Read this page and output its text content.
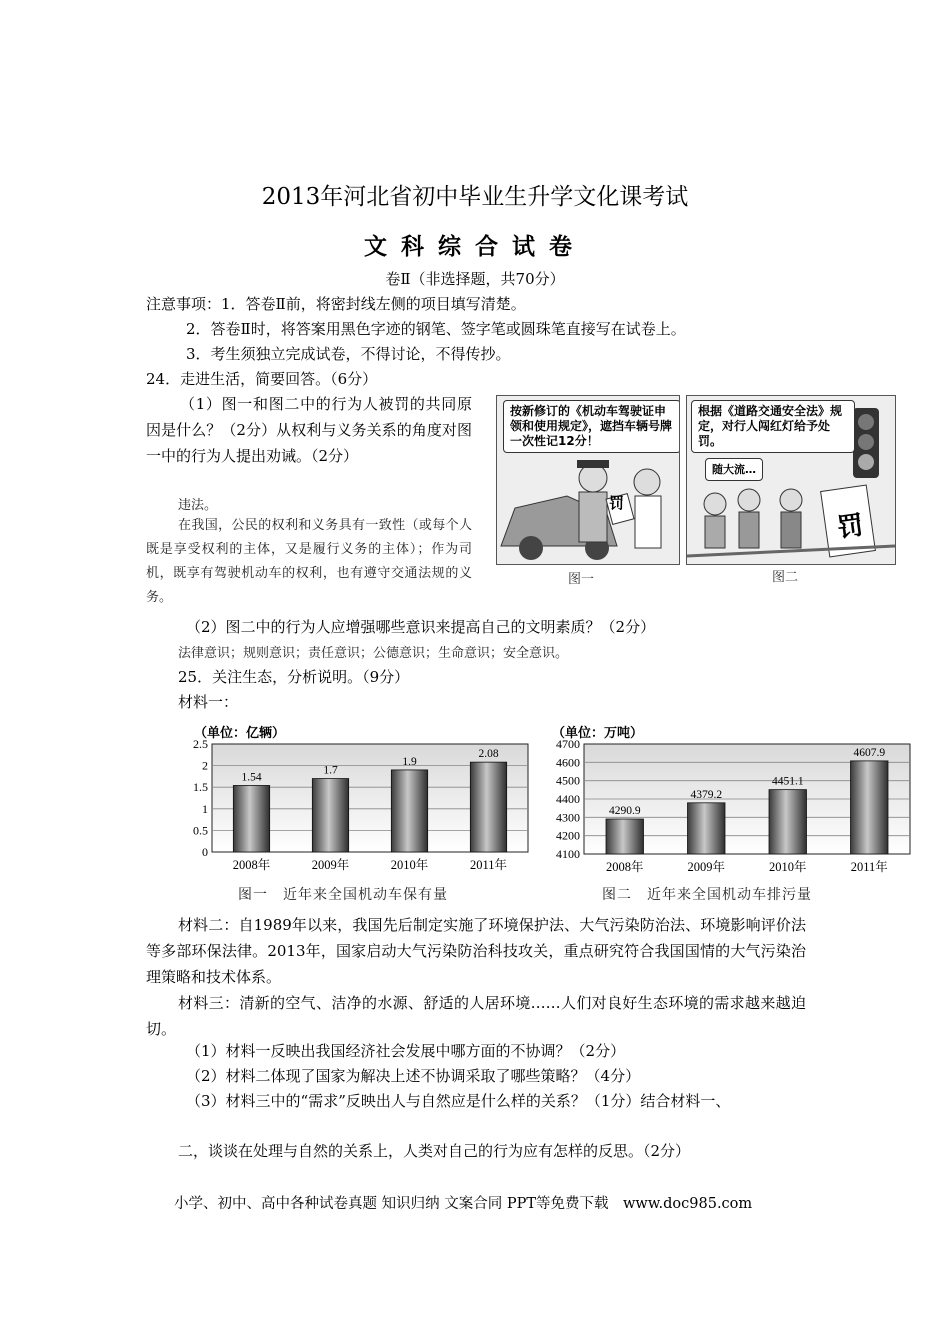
2013年河北省初中毕业生升学文化课考试
文科综合试卷
卷Ⅱ（非选择题，共70分）
注意事项：1．答卷Ⅱ前，将密封线左侧的项目填写清楚。
2．答卷Ⅱ时，将答案用黑色字迹的钢笔、签字笔或圆珠笔直接写在试卷上。
3．考生须独立完成试卷，不得讨论，不得传抄。
24．走进生活，简要回答。（6分）
（1）图一和图二中的行为人被罚的共同原因是什么？（2分）从权利与义务关系的角度对图一中的行为人提出劝诫。（2分）
违法。
在我国，公民的权利和义务具有一致性（或每个人既是享受权利的主体，又是履行义务的主体）；作为司机，既享有驾驶机动车的权利，也有遵守交通法规的义务。
按新修订的《机动车驾驶证申领和使用规定》，遮挡车辆号牌一次性记12分！
罚
图一
根据《道路交通安全法》规定，对行人闯红灯给予处罚。
随大流…
罚
图二
（2）图二中的行为人应增强哪些意识来提高自己的文明素质？（2分）
法律意识；规则意识；责任意识；公德意识；生命意识；安全意识。
25．关注生态，分析说明。（9分）
材料一：
（单位：亿辆）
0
0.5
1
1.5
2
2.5
1.54
2008年
1.7
2009年
1.9
2010年
2.08
2011年
图一　近年来全国机动车保有量
（单位：万吨）
4100
4200
4300
4400
4500
4600
4700
4290.9
2008年
4379.2
2009年
4451.1
2010年
4607.9
2011年
图二　近年来全国机动车排污量
材料二：自1989年以来，我国先后制定实施了环境保护法、大气污染防治法、环境影响评价法等多部环保法律。2013年，国家启动大气污染防治科技攻关，重点研究符合我国国情的大气污染治理策略和技术体系。
材料三：清新的空气、洁净的水源、舒适的人居环境……人们对良好生态环境的需求越来越迫切。
（1）材料一反映出我国经济社会发展中哪方面的不协调？（2分）
（2）材料二体现了国家为解决上述不协调采取了哪些策略？（4分）
（3）材料三中的“需求”反映出人与自然应是什么样的关系？（1分）结合材料一、
二，谈谈在处理与自然的关系上，人类对自己的行为应有怎样的反思。（2分）
小学、初中、高中各种试卷真题 知识归纳 文案合同 PPT等免费下载　www.doc985.com
